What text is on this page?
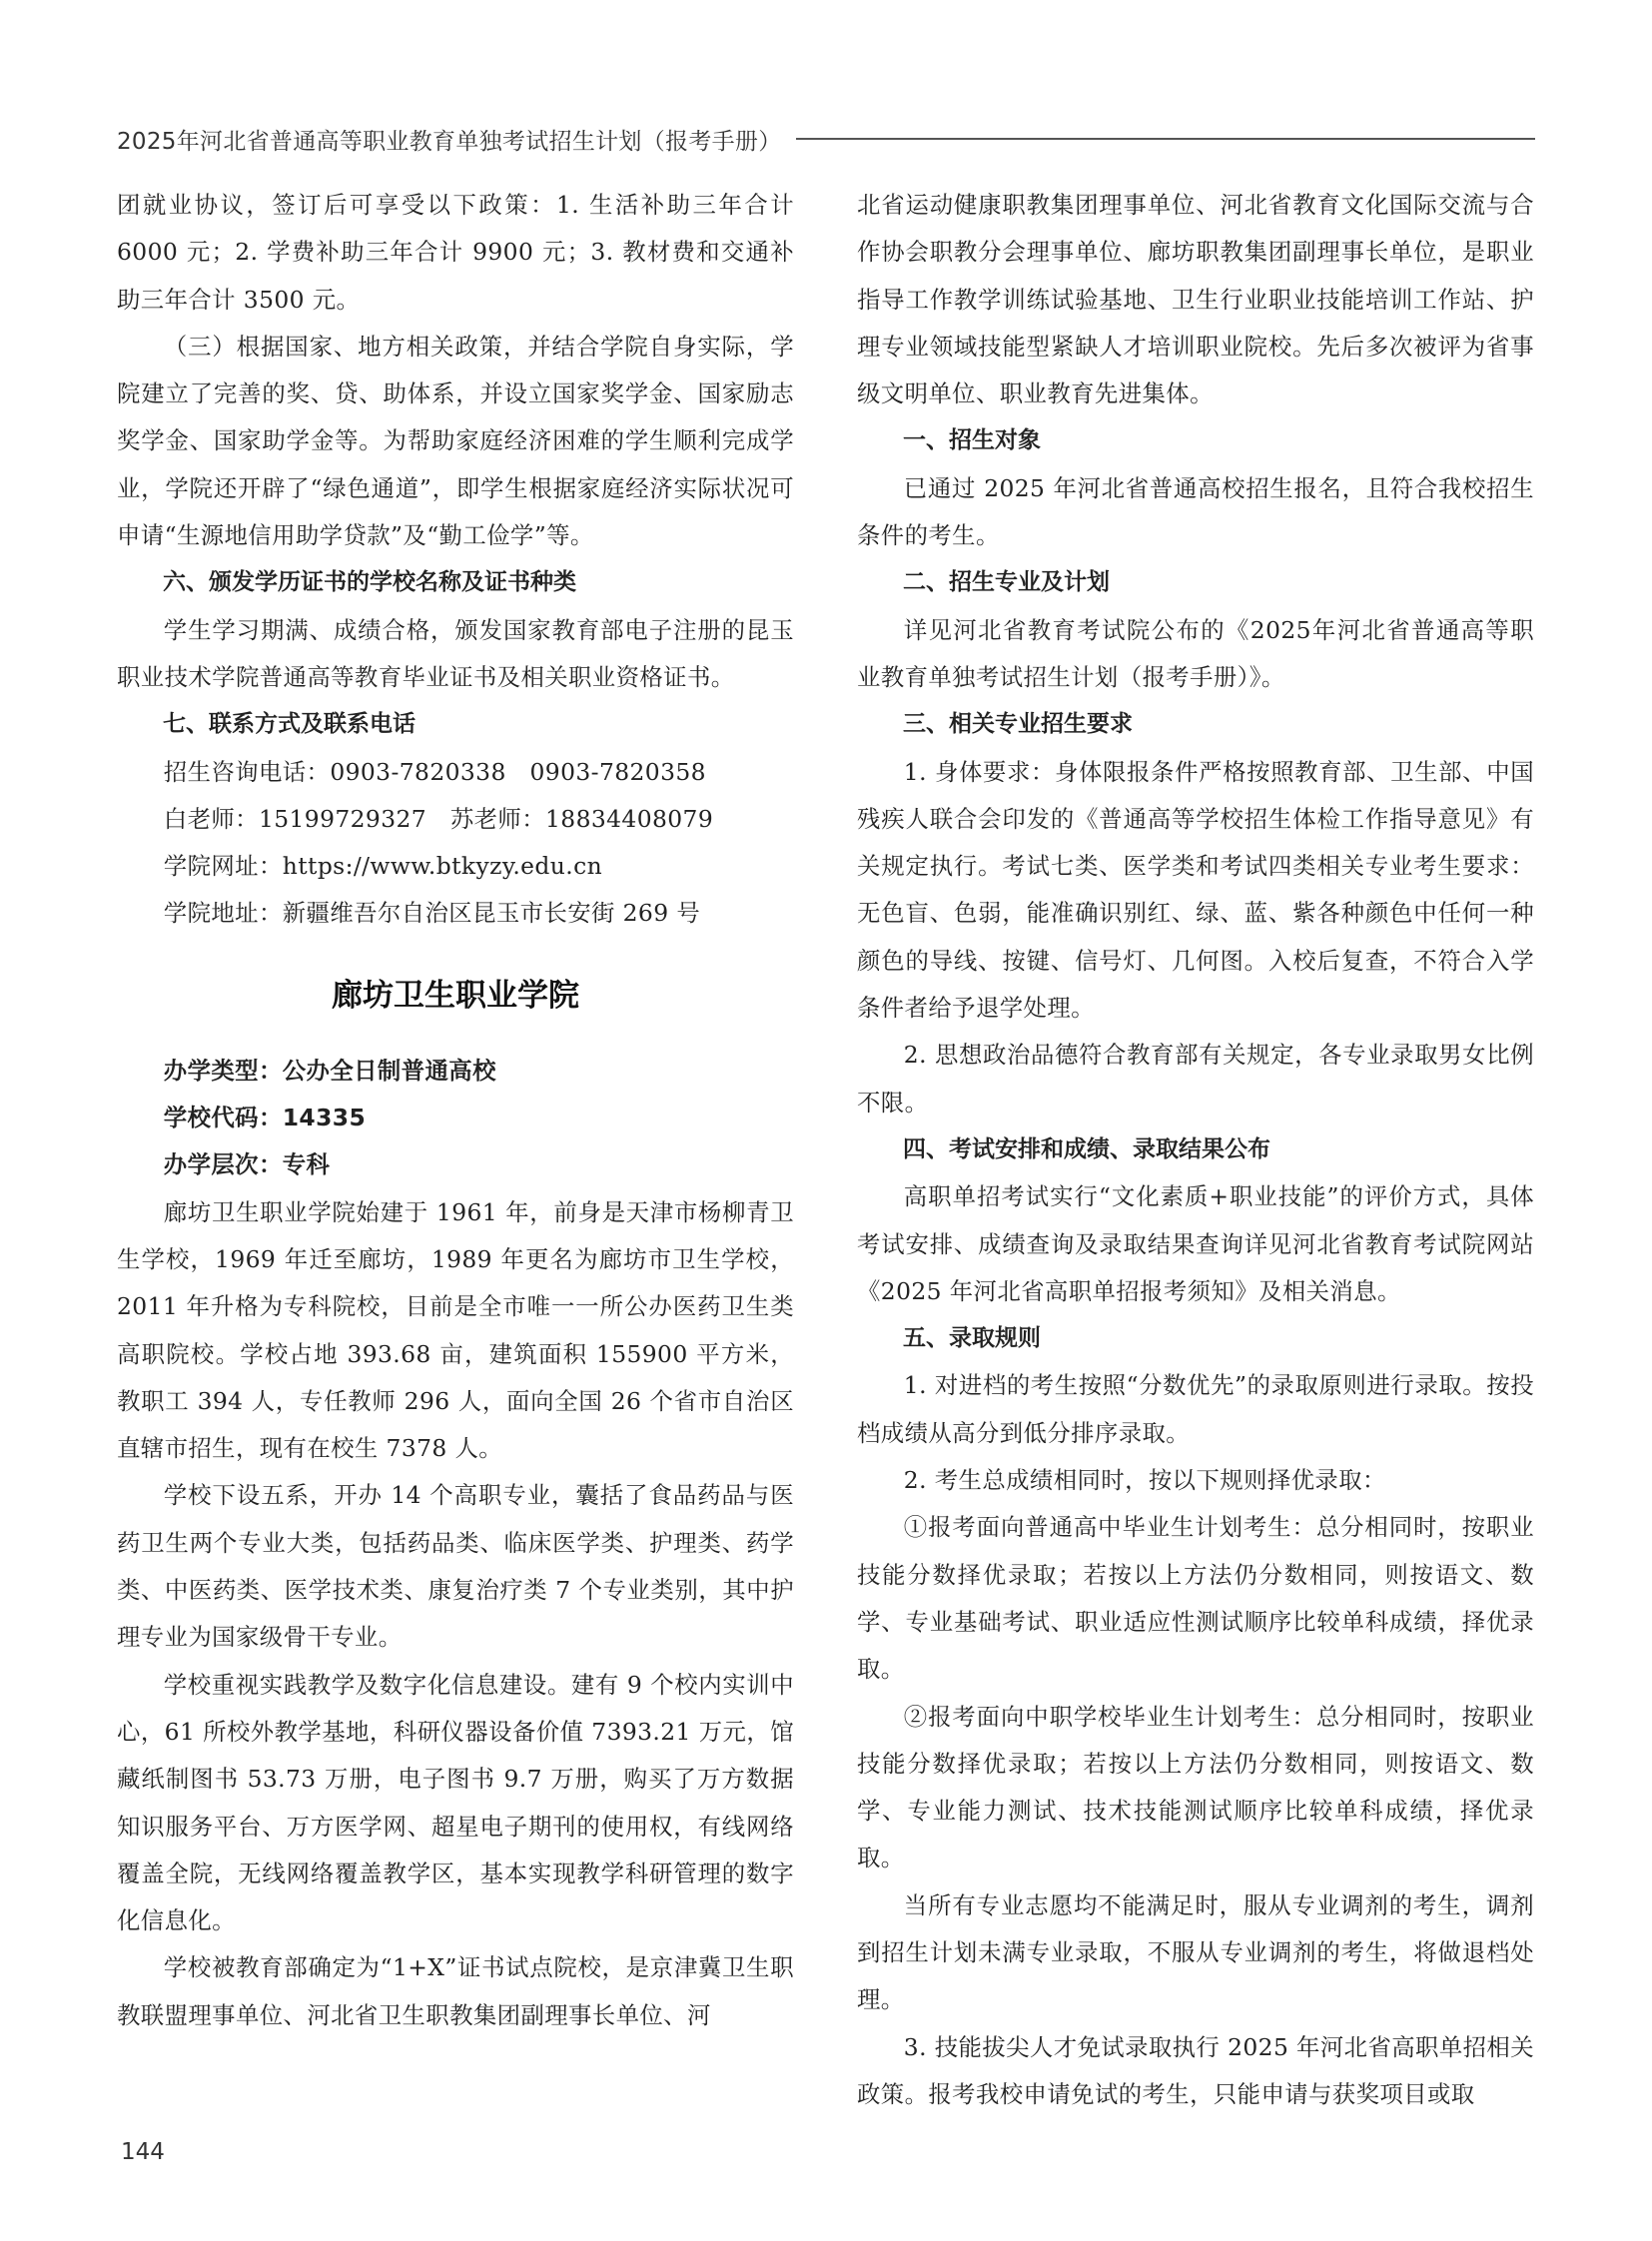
2025年河北省普通高等职业教育单独考试招生计划（报考手册）

团就业协议，签订后可享受以下政策：1. 生活补助三年合计 6000 元；2. 学费补助三年合计 9900 元；3. 教材费和交通补助三年合计 3500 元。

（三）根据国家、地方相关政策，并结合学院自身实际，学院建立了完善的奖、贷、助体系，并设立国家奖学金、国家励志奖学金、国家助学金等。为帮助家庭经济困难的学生顺利完成学业，学院还开辟了“绿色通道”，即学生根据家庭经济实际状况可申请“生源地信用助学贷款”及“勤工俭学”等。

六、颁发学历证书的学校名称及证书种类

学生学习期满、成绩合格，颁发国家教育部电子注册的昆玉职业技术学院普通高等教育毕业证书及相关职业资格证书。

七、联系方式及联系电话

招生咨询电话：0903-7820338　0903-7820358

白老师：15199729327　苏老师：18834408079

学院网址：https://www.btkyzy.edu.cn

学院地址：新疆维吾尔自治区昆玉市长安街 269 号

廊坊卫生职业学院

办学类型：公办全日制普通高校

学校代码：14335

办学层次：专科

廊坊卫生职业学院始建于 1961 年，前身是天津市杨柳青卫生学校，1969 年迁至廊坊，1989 年更名为廊坊市卫生学校，2011 年升格为专科院校，目前是全市唯一一所公办医药卫生类高职院校。学校占地 393.68 亩，建筑面积 155900 平方米，教职工 394 人，专任教师 296 人，面向全国 26 个省市自治区直辖市招生，现有在校生 7378 人。

学校下设五系，开办 14 个高职专业，囊括了食品药品与医药卫生两个专业大类，包括药品类、临床医学类、护理类、药学类、中医药类、医学技术类、康复治疗类 7 个专业类别，其中护理专业为国家级骨干专业。

学校重视实践教学及数字化信息建设。建有 9 个校内实训中心，61 所校外教学基地，科研仪器设备价值 7393.21 万元，馆藏纸制图书 53.73 万册，电子图书 9.7 万册，购买了万方数据知识服务平台、万方医学网、超星电子期刊的使用权，有线网络覆盖全院，无线网络覆盖教学区，基本实现教学科研管理的数字化信息化。

学校被教育部确定为“1+X”证书试点院校，是京津冀卫生职教联盟理事单位、河北省卫生职教集团副理事长单位、河

北省运动健康职教集团理事单位、河北省教育文化国际交流与合作协会职教分会理事单位、廊坊职教集团副理事长单位，是职业指导工作教学训练试验基地、卫生行业职业技能培训工作站、护理专业领域技能型紧缺人才培训职业院校。先后多次被评为省事级文明单位、职业教育先进集体。

一、招生对象

已通过 2025 年河北省普通高校招生报名，且符合我校招生条件的考生。

二、招生专业及计划

详见河北省教育考试院公布的《2025年河北省普通高等职业教育单独考试招生计划（报考手册）》。

三、相关专业招生要求

1. 身体要求：身体限报条件严格按照教育部、卫生部、中国残疾人联合会印发的《普通高等学校招生体检工作指导意见》有关规定执行。考试七类、医学类和考试四类相关专业考生要求：无色盲、色弱，能准确识别红、绿、蓝、紫各种颜色中任何一种颜色的导线、按键、信号灯、几何图。入校后复查，不符合入学条件者给予退学处理。

2. 思想政治品德符合教育部有关规定，各专业录取男女比例不限。

四、考试安排和成绩、录取结果公布

高职单招考试实行“文化素质+职业技能”的评价方式，具体考试安排、成绩查询及录取结果查询详见河北省教育考试院网站《2025 年河北省高职单招报考须知》及相关消息。

五、录取规则

1. 对进档的考生按照“分数优先”的录取原则进行录取。按投档成绩从高分到低分排序录取。

2. 考生总成绩相同时，按以下规则择优录取：

①报考面向普通高中毕业生计划考生：总分相同时，按职业技能分数择优录取；若按以上方法仍分数相同，则按语文、数学、专业基础考试、职业适应性测试顺序比较单科成绩，择优录取。

②报考面向中职学校毕业生计划考生：总分相同时，按职业技能分数择优录取；若按以上方法仍分数相同，则按语文、数学、专业能力测试、技术技能测试顺序比较单科成绩，择优录取。

当所有专业志愿均不能满足时，服从专业调剂的考生，调剂到招生计划未满专业录取，不服从专业调剂的考生，将做退档处理。

3. 技能拔尖人才免试录取执行 2025 年河北省高职单招相关政策。报考我校申请免试的考生，只能申请与获奖项目或取

144
